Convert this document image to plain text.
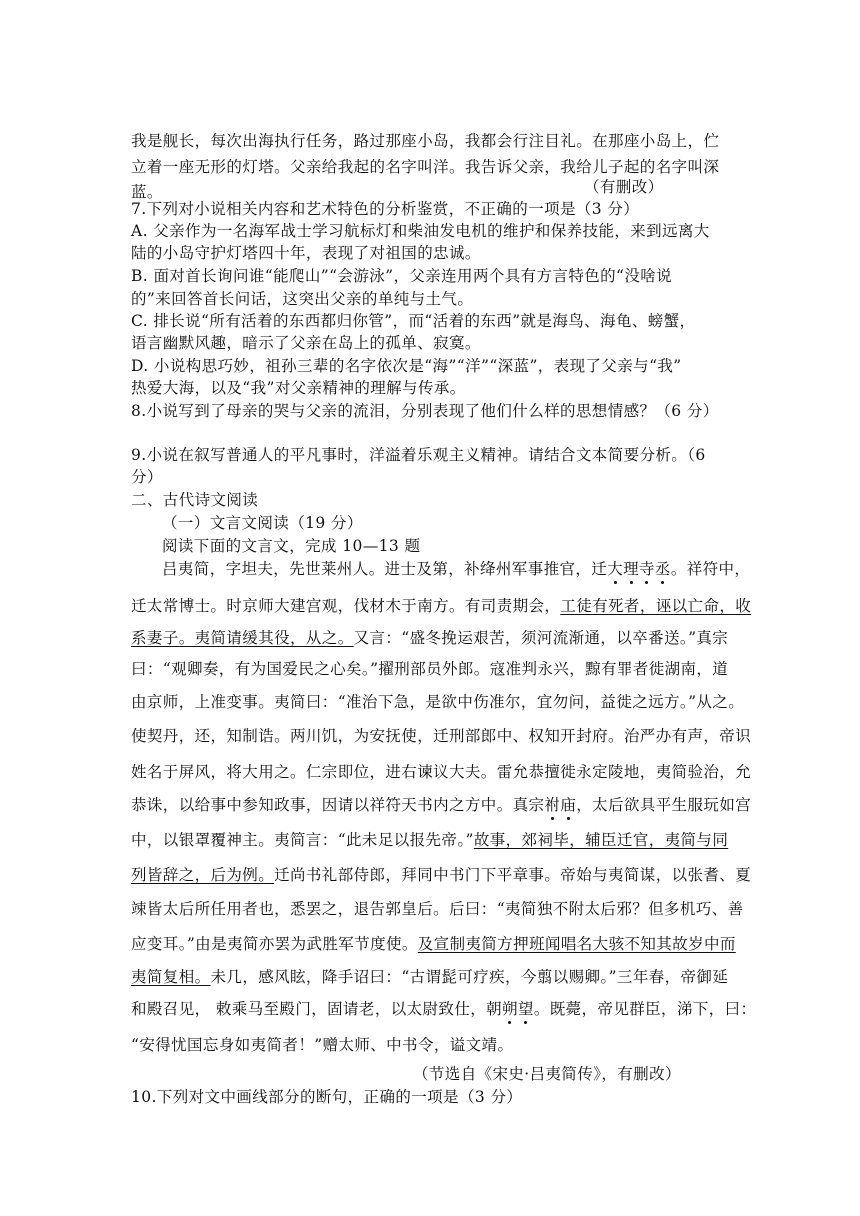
我是舰长，每次出海执行任务，路过那座小岛，我都会行注目礼。在那座小岛上，伫
立着一座无形的灯塔。父亲给我起的名字叫洋。我告诉父亲，我给儿子起的名字叫深
蓝。	（有删改）
7.下列对小说相关内容和艺术特色的分析鉴赏，不正确的一项是（3 分）
A. 父亲作为一名海军战士学习航标灯和柴油发电机的维护和保养技能，来到远离大
陆的小岛守护灯塔四十年，表现了对祖国的忠诚。
B. 面对首长询问谁“能爬山”“会游泳”，父亲连用两个具有方言特色的“没啥说
的”来回答首长问话，这突出父亲的单纯与土气。
C. 排长说“所有活着的东西都归你管”，而“活着的东西”就是海鸟、海龟、螃蟹，
语言幽默风趣，暗示了父亲在岛上的孤单、寂寞。
D. 小说构思巧妙，祖孙三辈的名字依次是“海”“洋”“深蓝”，表现了父亲与“我”
热爱大海，以及“我”对父亲精神的理解与传承。
8.小说写到了母亲的哭与父亲的流泪，分别表现了他们什么样的思想情感？（6 分）
9.小说在叙写普通人的平凡事时，洋溢着乐观主义精神。请结合文本简要分析。（6
分）
二、古代诗文阅读
（一）文言文阅读（19 分）
阅读下面的文言文，完成 10—13 题
吕夷简，字坦夫，先世莱州人。进士及第，补绛州军事推官，迁大理寺丞。祥符中，
迁太常博士。时京师大建宫观，伐材木于南方。有司责期会，工徒有死者，诬以亡命，收
系妻子。夷简请缓其役，从之。又言：“盛冬挽运艰苦，须河流渐通，以卒番送。”真宗
曰：“观卿奏，有为国爱民之心矣。”擢刑部员外郎。寇准判永兴，黥有罪者徙湖南，道
由京师，上准变事。夷简曰：“准治下急，是欲中伤准尔，宜勿问，益徙之远方。”从之。
使契丹，还，知制诰。两川饥，为安抚使，迁刑部郎中、权知开封府。治严办有声，帝识
姓名于屏风，将大用之。仁宗即位，进右谏议大夫。雷允恭擅徙永定陵地，夷简验治，允
恭诛，以给事中参知政事，因请以祥符天书内之方中。真宗祔庙，太后欲具平生服玩如宫
中，以银罩覆神主。夷简言：“此未足以报先帝。”故事，郊祠毕，辅臣迁官，夷简与同
列皆辞之，后为例。迁尚书礼部侍郎，拜同中书门下平章事。帝始与夷简谋，以张耆、夏
竦皆太后所任用者也，悉罢之，退告郭皇后。后曰：“夷简独不附太后邪？但多机巧、善
应变耳。”由是夷简亦罢为武胜军节度使。及宣制夷简方押班闻唱名大骇不知其故岁中而
夷简复相。未几，感风眩，降手诏曰：“古谓髭可疗疾，今翦以赐卿。”三年春，帝御延
和殿召见， 敕乘马至殿门，固请老，以太尉致仕，朝朔望。既薨，帝见群臣，涕下，曰：
“安得忧国忘身如夷简者！”赠太师、中书令，谥文靖。
（节选自《宋史·吕夷简传》，有删改）
10.下列对文中画线部分的断句，正确的一项是（3 分）
